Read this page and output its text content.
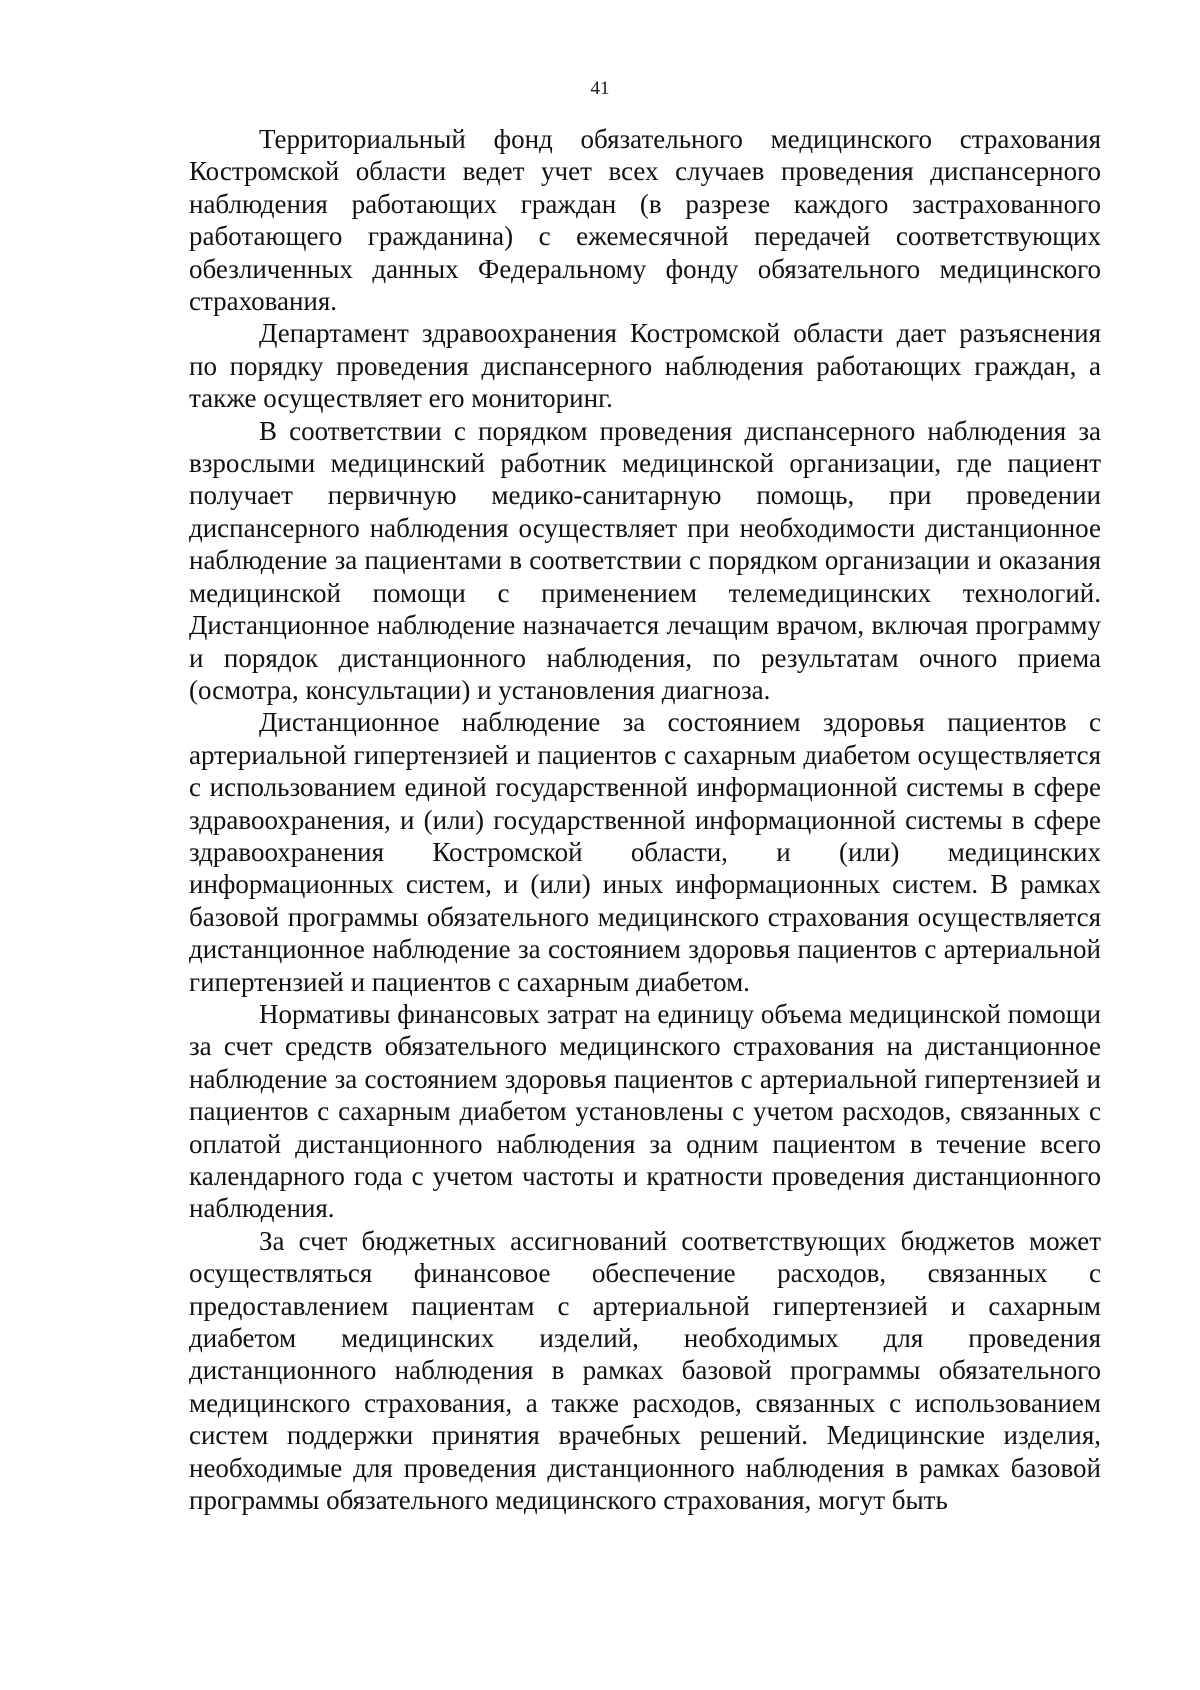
41

Территориальный фонд обязательного медицинского страхования Костромской области ведет учет всех случаев проведения диспансерного наблюдения работающих граждан (в разрезе каждого застрахованного работающего гражданина) с ежемесячной передачей соответствующих обезличенных данных Федеральному фонду обязательного медицинского страхования.

Департамент здравоохранения Костромской области дает разъяснения по порядку проведения диспансерного наблюдения работающих граждан, а также осуществляет его мониторинг.

В соответствии с порядком проведения диспансерного наблюдения за взрослыми медицинский работник медицинской организации, где пациент получает первичную медико-санитарную помощь, при проведении диспансерного наблюдения осуществляет при необходимости дистанционное наблюдение за пациентами в соответствии с порядком организации и оказания медицинской помощи с применением телемедицинских технологий. Дистанционное наблюдение назначается лечащим врачом, включая программу и порядок дистанционного наблюдения, по результатам очного приема (осмотра, консультации) и установления диагноза.

Дистанционное наблюдение за состоянием здоровья пациентов с артериальной гипертензией и пациентов с сахарным диабетом осуществляется с использованием единой государственной информационной системы в сфере здравоохранения, и (или) государственной информационной системы в сфере здравоохранения Костромской области, и (или) медицинских информационных систем, и (или) иных информационных систем. В рамках базовой программы обязательного медицинского страхования осуществляется дистанционное наблюдение за состоянием здоровья пациентов с артериальной гипертензией и пациентов с сахарным диабетом.

Нормативы финансовых затрат на единицу объема медицинской помощи за счет средств обязательного медицинского страхования на дистанционное наблюдение за состоянием здоровья пациентов с артериальной гипертензией и пациентов с сахарным диабетом установлены с учетом расходов, связанных с оплатой дистанционного наблюдения за одним пациентом в течение всего календарного года с учетом частоты и кратности проведения дистанционного наблюдения.

За счет бюджетных ассигнований соответствующих бюджетов может осуществляться финансовое обеспечение расходов, связанных с предоставлением пациентам с артериальной гипертензией и сахарным диабетом медицинских изделий, необходимых для проведения дистанционного наблюдения в рамках базовой программы обязательного медицинского страхования, а также расходов, связанных с использованием систем поддержки принятия врачебных решений. Медицинские изделия, необходимые для проведения дистанционного наблюдения в рамках базовой программы обязательного медицинского страхования, могут быть
